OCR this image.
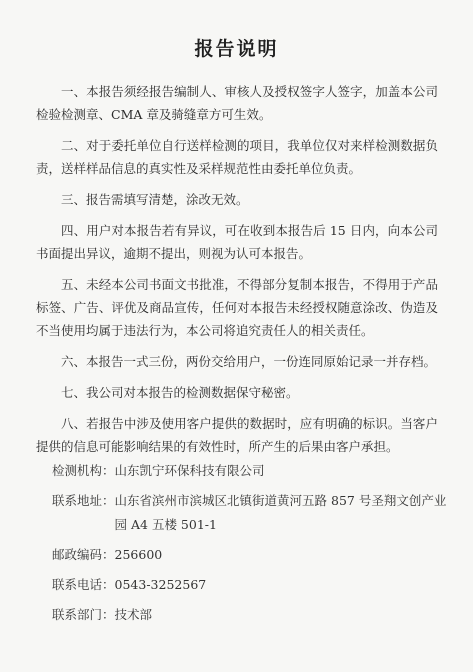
报告说明

一、本报告须经报告编制人、审核人及授权签字人签字，加盖本公司检验检测章、CMA 章及骑缝章方可生效。

二、对于委托单位自行送样检测的项目，我单位仅对来样检测数据负责，送样样品信息的真实性及采样规范性由委托单位负责。

三、报告需填写清楚，涂改无效。

四、用户对本报告若有异议，可在收到本报告后 15 日内，向本公司书面提出异议，逾期不提出，则视为认可本报告。

五、未经本公司书面文书批准，不得部分复制本报告，不得用于产品标签、广告、评优及商品宣传，任何对本报告未经授权随意涂改、伪造及不当使用均属于违法行为，本公司将追究责任人的相关责任。

六、本报告一式三份，两份交给用户，一份连同原始记录一并存档。

七、我公司对本报告的检测数据保守秘密。

八、若报告中涉及使用客户提供的数据时，应有明确的标识。当客户提供的信息可能影响结果的有效性时，所产生的后果由客户承担。

检测机构： 山东凯宁环保科技有限公司
联系地址： 山东省滨州市滨城区北镇街道黄河五路 857 号圣翔文创产业园 A4 五楼 501-1
邮政编码： 256600
联系电话： 0543-3252567
联系部门： 技术部
